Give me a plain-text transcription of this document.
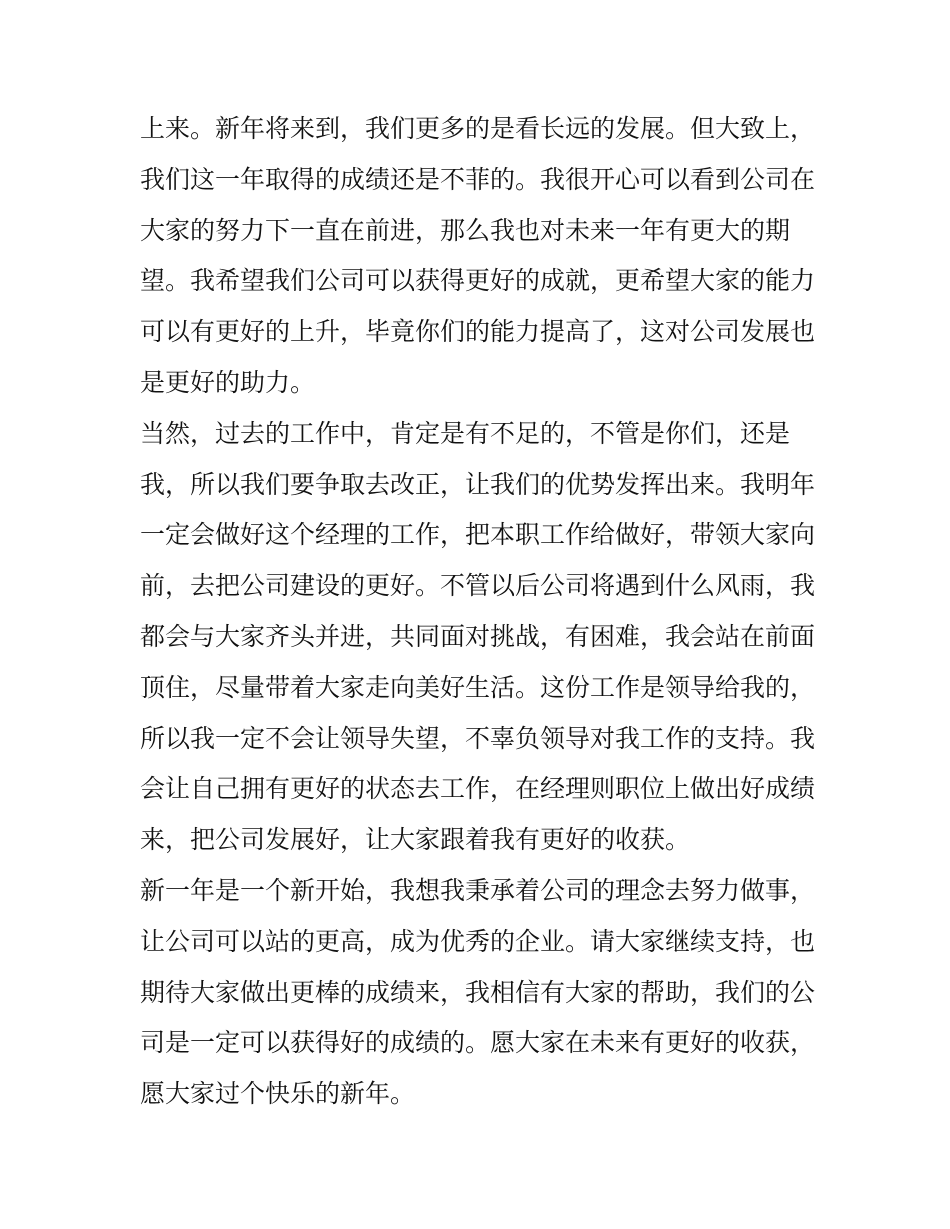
上来。新年将来到，我们更多的是看长远的发展。但大致上，
我们这一年取得的成绩还是不菲的。我很开心可以看到公司在
大家的努力下一直在前进，那么我也对未来一年有更大的期
望。我希望我们公司可以获得更好的成就，更希望大家的能力
可以有更好的上升，毕竟你们的能力提高了，这对公司发展也
是更好的助力。
当然，过去的工作中，肯定是有不足的，不管是你们，还是
我，所以我们要争取去改正，让我们的优势发挥出来。我明年
一定会做好这个经理的工作，把本职工作给做好，带领大家向
前，去把公司建设的更好。不管以后公司将遇到什么风雨，我
都会与大家齐头并进，共同面对挑战，有困难，我会站在前面
顶住，尽量带着大家走向美好生活。这份工作是领导给我的，
所以我一定不会让领导失望，不辜负领导对我工作的支持。我
会让自己拥有更好的状态去工作，在经理则职位上做出好成绩
来，把公司发展好，让大家跟着我有更好的收获。
新一年是一个新开始，我想我秉承着公司的理念去努力做事，
让公司可以站的更高，成为优秀的企业。请大家继续支持，也
期待大家做出更棒的成绩来，我相信有大家的帮助，我们的公
司是一定可以获得好的成绩的。愿大家在未来有更好的收获，
愿大家过个快乐的新年。
